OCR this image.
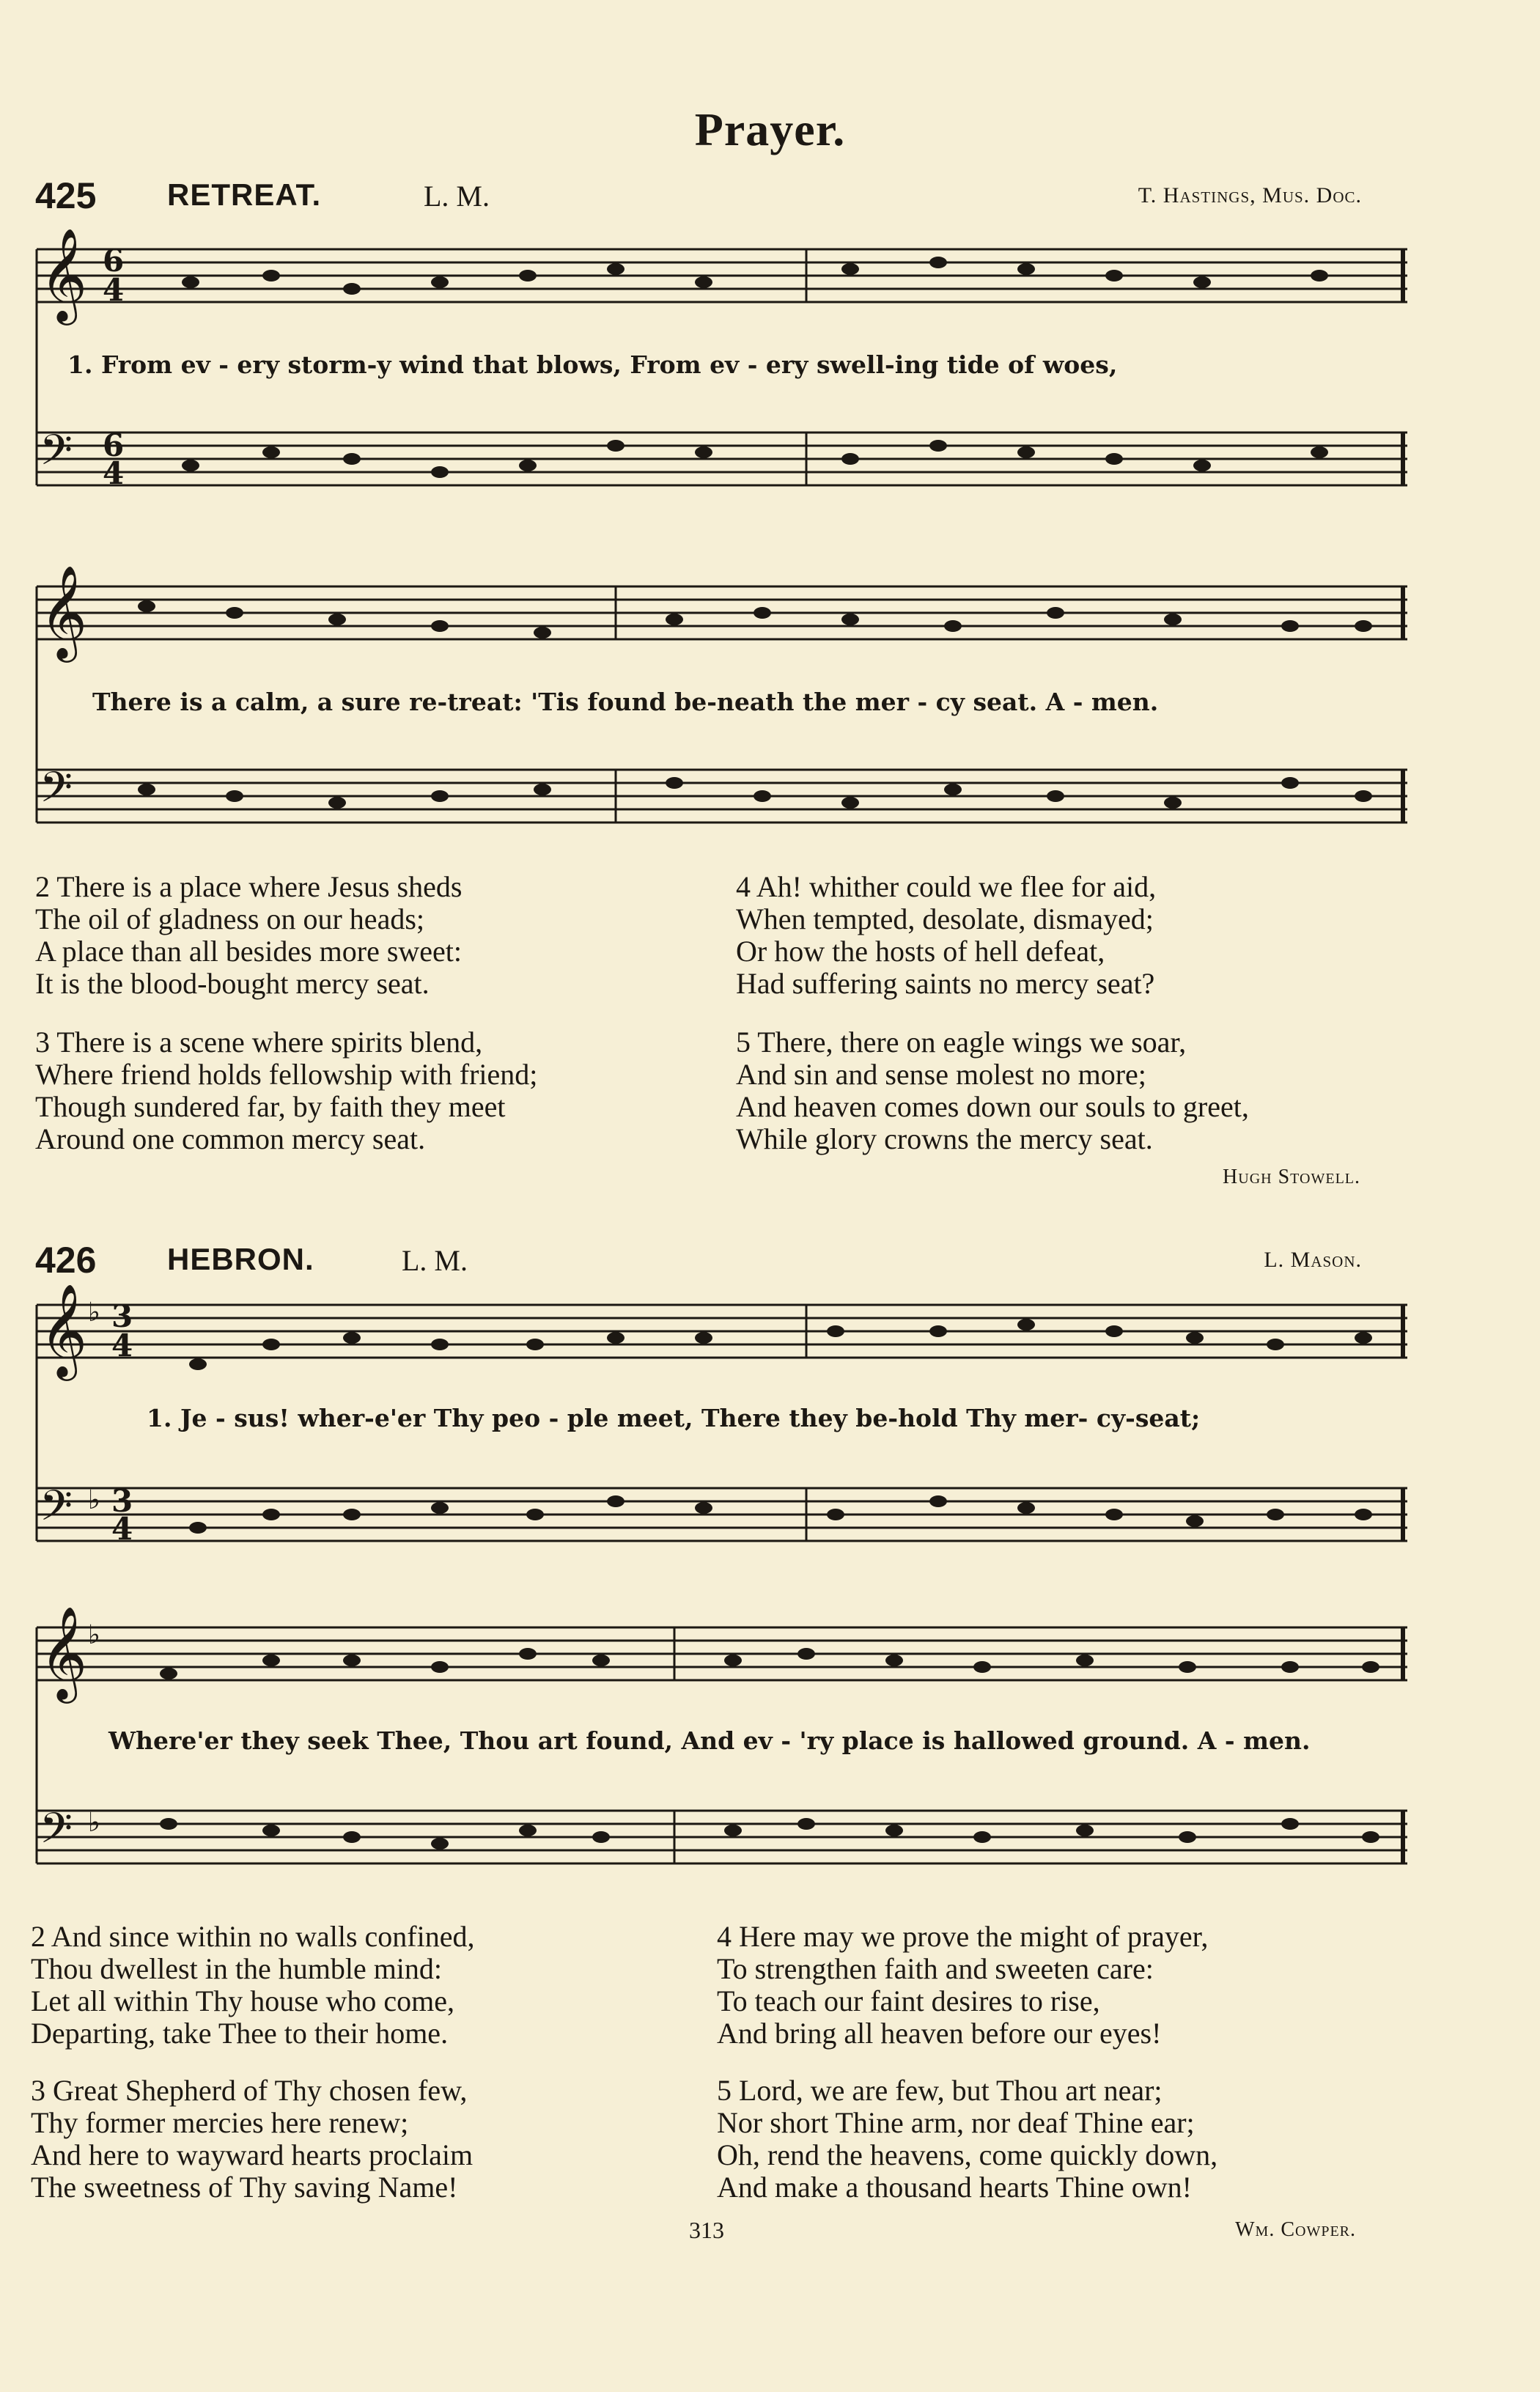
Prayer.
425 RETREAT.	L. M.	T. Hastings, Mus. Doc.
𝄞
𝄢
6
4
6
4
1. From ev - ery storm-y wind that blows, From ev - ery swell-ing tide of woes,
𝄞
𝄢
There is a calm, a sure re-treat: 'Tis found be-neath the mer - cy seat. A - men.
2 There is a place where Jesus sheds
The oil of gladness on our heads;
A place than all besides more sweet:
It is the blood-bought mercy seat.
3 There is a scene where spirits blend,
Where friend holds fellowship with friend;
Though sundered far, by faith they meet
Around one common mercy seat.
4 Ah! whither could we flee for aid,
When tempted, desolate, dismayed;
Or how the hosts of hell defeat,
Had suffering saints no mercy seat?
5 There, there on eagle wings we soar,
And sin and sense molest no more;
And heaven comes down our souls to greet,
While glory crowns the mercy seat.
Hugh Stowell.
426 HEBRON.	L. M.	L. Mason.
𝄞
𝄢
♭ 3
4
♭ 3
4
1. Je - sus! wher-e'er Thy peo - ple meet, There they be-hold Thy mer- cy-seat;
𝄞
𝄢
♭
♭
Where'er they seek Thee, Thou art found, And ev - 'ry place is hallowed ground. A - men.
2 And since within no walls confined,
Thou dwellest in the humble mind:
Let all within Thy house who come,
Departing, take Thee to their home.
3 Great Shepherd of Thy chosen few,
Thy former mercies here renew;
And here to wayward hearts proclaim
The sweetness of Thy saving Name!
4 Here may we prove the might of prayer,
To strengthen faith and sweeten care:
To teach our faint desires to rise,
And bring all heaven before our eyes!
5 Lord, we are few, but Thou art near;
Nor short Thine arm, nor deaf Thine ear;
Oh, rend the heavens, come quickly down,
And make a thousand hearts Thine own!
313	Wm. Cowper.
